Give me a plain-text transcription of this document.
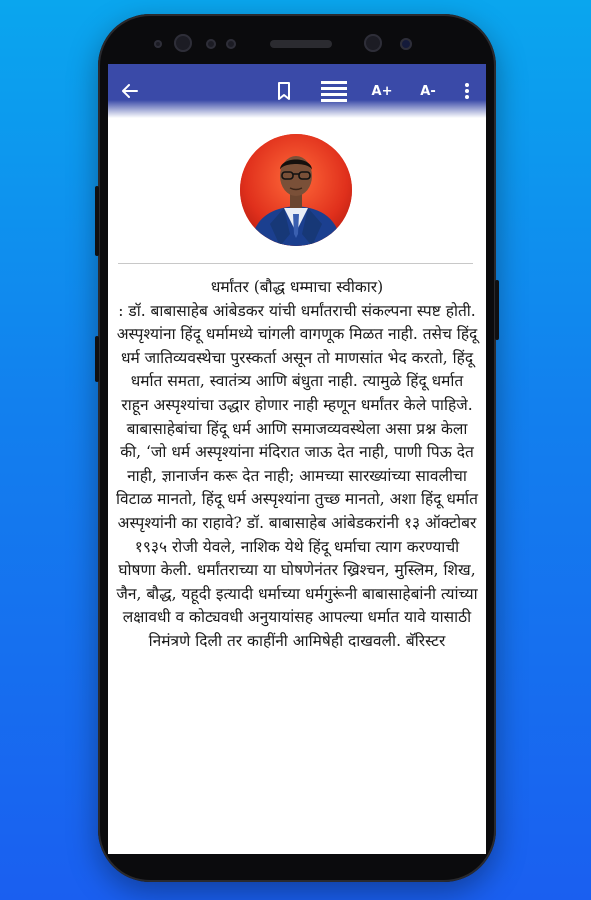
A+ A-

धर्मांतर (बौद्ध धम्माचा स्वीकार)

: डॉ. बाबासाहेब आंबेडकर यांची धर्मांतराची संकल्पना स्पष्ट होती. अस्पृश्यांना हिंदू धर्मामध्ये चांगली वागणूक मिळत नाही. तसेच हिंदू धर्म जातिव्यवस्थेचा पुरस्कर्ता असून तो माणसांत भेद करतो, हिंदू धर्मात समता, स्वातंत्र्य आणि बंधुता नाही. त्यामुळे हिंदू धर्मात राहून अस्पृश्यांचा उद्धार होणार नाही म्हणून धर्मांतर केले पाहिजे. बाबासाहेबांचा हिंदू धर्म आणि समाजव्यवस्थेला असा प्रश्न केला की, ‘जो धर्म अस्पृश्यांना मंदिरात जाऊ देत नाही, पाणी पिऊ देत नाही, ज्ञानार्जन करू देत नाही; आमच्या सारख्यांच्या सावलीचा विटाळ मानतो, हिंदू धर्म अस्पृश्यांना तुच्छ मानतो, अशा हिंदू धर्मात अस्पृश्यांनी का राहावे? डॉ. बाबासाहेब आंबेडकरांनी १३ ऑक्टोबर १९३५ रोजी येवले, नाशिक येथे हिंदू धर्माचा त्याग करण्याची घोषणा केली. धर्मांतराच्या या घोषणेनंतर ख्रिश्चन, मुस्लिम, शिख, जैन, बौद्ध, यहूदी इत्यादी धर्माच्या धर्मगुरूंनी बाबासाहेबांनी त्यांच्या लक्षावधी व कोट्यवधी अनुयायांसह आपल्या धर्मात यावे यासाठी निमंत्रणे दिली तर काहींनी आमिषेही दाखवली. बॅरिस्टर
